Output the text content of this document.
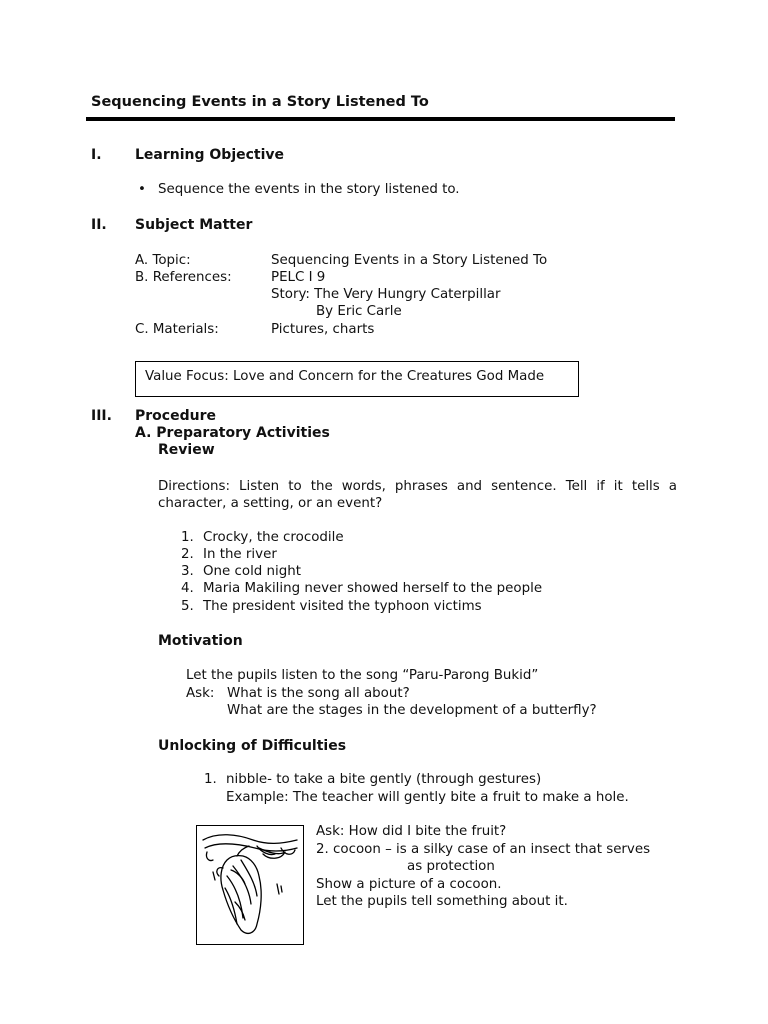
Sequencing Events in a Story Listened To
I. Learning Objective
• Sequence the events in the story listened to.
II. Subject Matter
A. Topic:	Sequencing Events in a Story Listened To
B. References:	PELC I 9
Story: The Very Hungry Caterpillar
By Eric Carle
C. Materials:	Pictures, charts
Value Focus: Love and Concern for the Creatures God Made
III. Procedure
A. Preparatory Activities
Review
Directions: Listen to the words, phrases and sentence. Tell if it tells a character, a setting, or an event?
1. Crocky, the crocodile
2. In the river
3. One cold night
4. Maria Makiling never showed herself to the people
5. The president visited the typhoon victims
Motivation
Let the pupils listen to the song “Paru-Parong Bukid”
Ask: What is the song all about?
What are the stages in the development of a butterfly?
Unlocking of Difficulties
1. nibble- to take a bite gently (through gestures)
Example: The teacher will gently bite a fruit to make a hole.
Ask: How did I bite the fruit?
2. cocoon – is a silky case of an insect that serves
as protection
Show a picture of a cocoon.
Let the pupils tell something about it.
